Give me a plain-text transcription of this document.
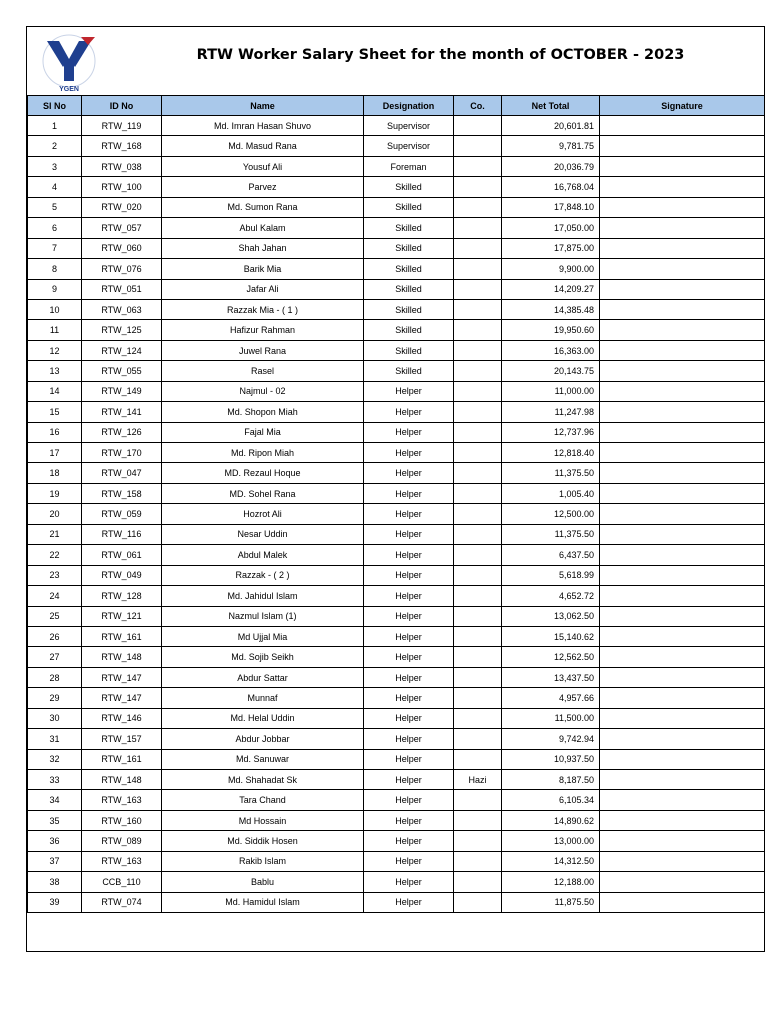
YGEN
RTW Worker Salary Sheet for the month of OCTOBER - 2023
Sl No	ID No	Name	Designation	Co.	Net Total	Signature
1	RTW_119	Md. Imran Hasan Shuvo	Supervisor		20,601.81	
2	RTW_168	Md. Masud Rana	Supervisor		9,781.75	
3	RTW_038	Yousuf Ali	Foreman		20,036.79	
4	RTW_100	Parvez	Skilled		16,768.04	
5	RTW_020	Md. Sumon Rana	Skilled		17,848.10	
6	RTW_057	Abul Kalam	Skilled		17,050.00	
7	RTW_060	Shah Jahan	Skilled		17,875.00	
8	RTW_076	Barik Mia	Skilled		9,900.00	
9	RTW_051	Jafar Ali	Skilled		14,209.27	
10	RTW_063	Razzak Mia - ( 1 )	Skilled		14,385.48	
11	RTW_125	Hafizur Rahman	Skilled		19,950.60	
12	RTW_124	Juwel Rana	Skilled		16,363.00	
13	RTW_055	Rasel	Skilled		20,143.75	
14	RTW_149	Najmul - 02	Helper		11,000.00	
15	RTW_141	Md. Shopon Miah	Helper		11,247.98	
16	RTW_126	Fajal Mia	Helper		12,737.96	
17	RTW_170	Md. Ripon Miah	Helper		12,818.40	
18	RTW_047	MD. Rezaul Hoque	Helper		11,375.50	
19	RTW_158	MD. Sohel Rana	Helper		1,005.40	
20	RTW_059	Hozrot Ali	Helper		12,500.00	
21	RTW_116	Nesar Uddin	Helper		11,375.50	
22	RTW_061	Abdul Malek	Helper		6,437.50	
23	RTW_049	Razzak - ( 2 )	Helper		5,618.99	
24	RTW_128	Md. Jahidul Islam	Helper		4,652.72	
25	RTW_121	Nazmul Islam (1)	Helper		13,062.50	
26	RTW_161	Md Ujjal Mia	Helper		15,140.62	
27	RTW_148	Md. Sojib Seikh	Helper		12,562.50	
28	RTW_147	Abdur Sattar	Helper		13,437.50	
29	RTW_147	Munnaf	Helper		4,957.66	
30	RTW_146	Md. Helal Uddin	Helper		11,500.00	
31	RTW_157	Abdur Jobbar	Helper		9,742.94	
32	RTW_161	Md. Sanuwar	Helper		10,937.50	
33	RTW_148	Md. Shahadat Sk	Helper	Hazi	8,187.50	
34	RTW_163	Tara Chand	Helper		6,105.34	
35	RTW_160	Md Hossain	Helper		14,890.62	
36	RTW_089	Md. Siddik Hosen	Helper		13,000.00	
37	RTW_163	Rakib Islam	Helper		14,312.50	
38	CCB_110	Bablu	Helper		12,188.00	
39	RTW_074	Md. Hamidul Islam	Helper		11,875.50	
